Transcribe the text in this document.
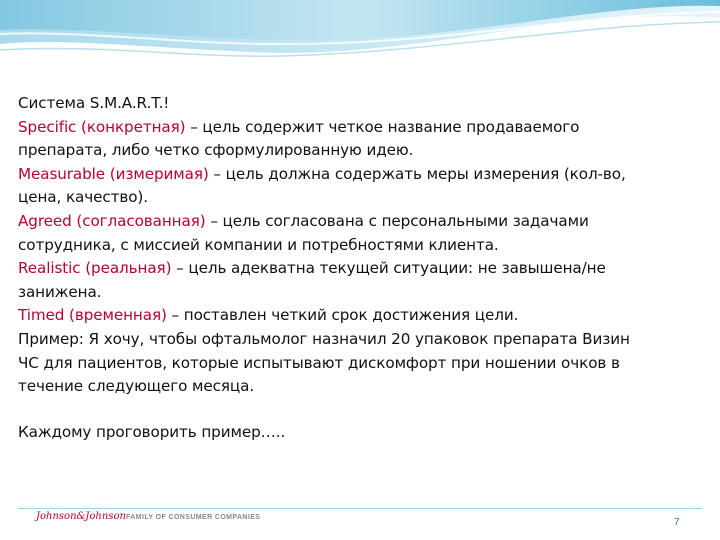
Система S.M.A.R.T.!
Specific (конкретная) – цель содержит четкое название продаваемого
препарата, либо четко сформулированную идею.
Measurable (измеримая) – цель должна содержать меры измерения (кол-во,
цена, качество).
Agreed (согласованная) – цель согласована с персональными задачами
сотрудника, с миссией компании и потребностями клиента.
Realistic (реальная) – цель адекватна текущей ситуации: не завышена/не
занижена.
Timed (временная) – поставлен четкий срок достижения цели.
Пример: Я хочу, чтобы офтальмолог назначил 20 упаковок препарата Визин
ЧС для пациентов, которые испытывают дискомфорт при ношении очков в
течение следующего месяца.
Каждому проговорить пример…..
Johnson&Johnson FAMILY OF CONSUMER COMPANIES	7
